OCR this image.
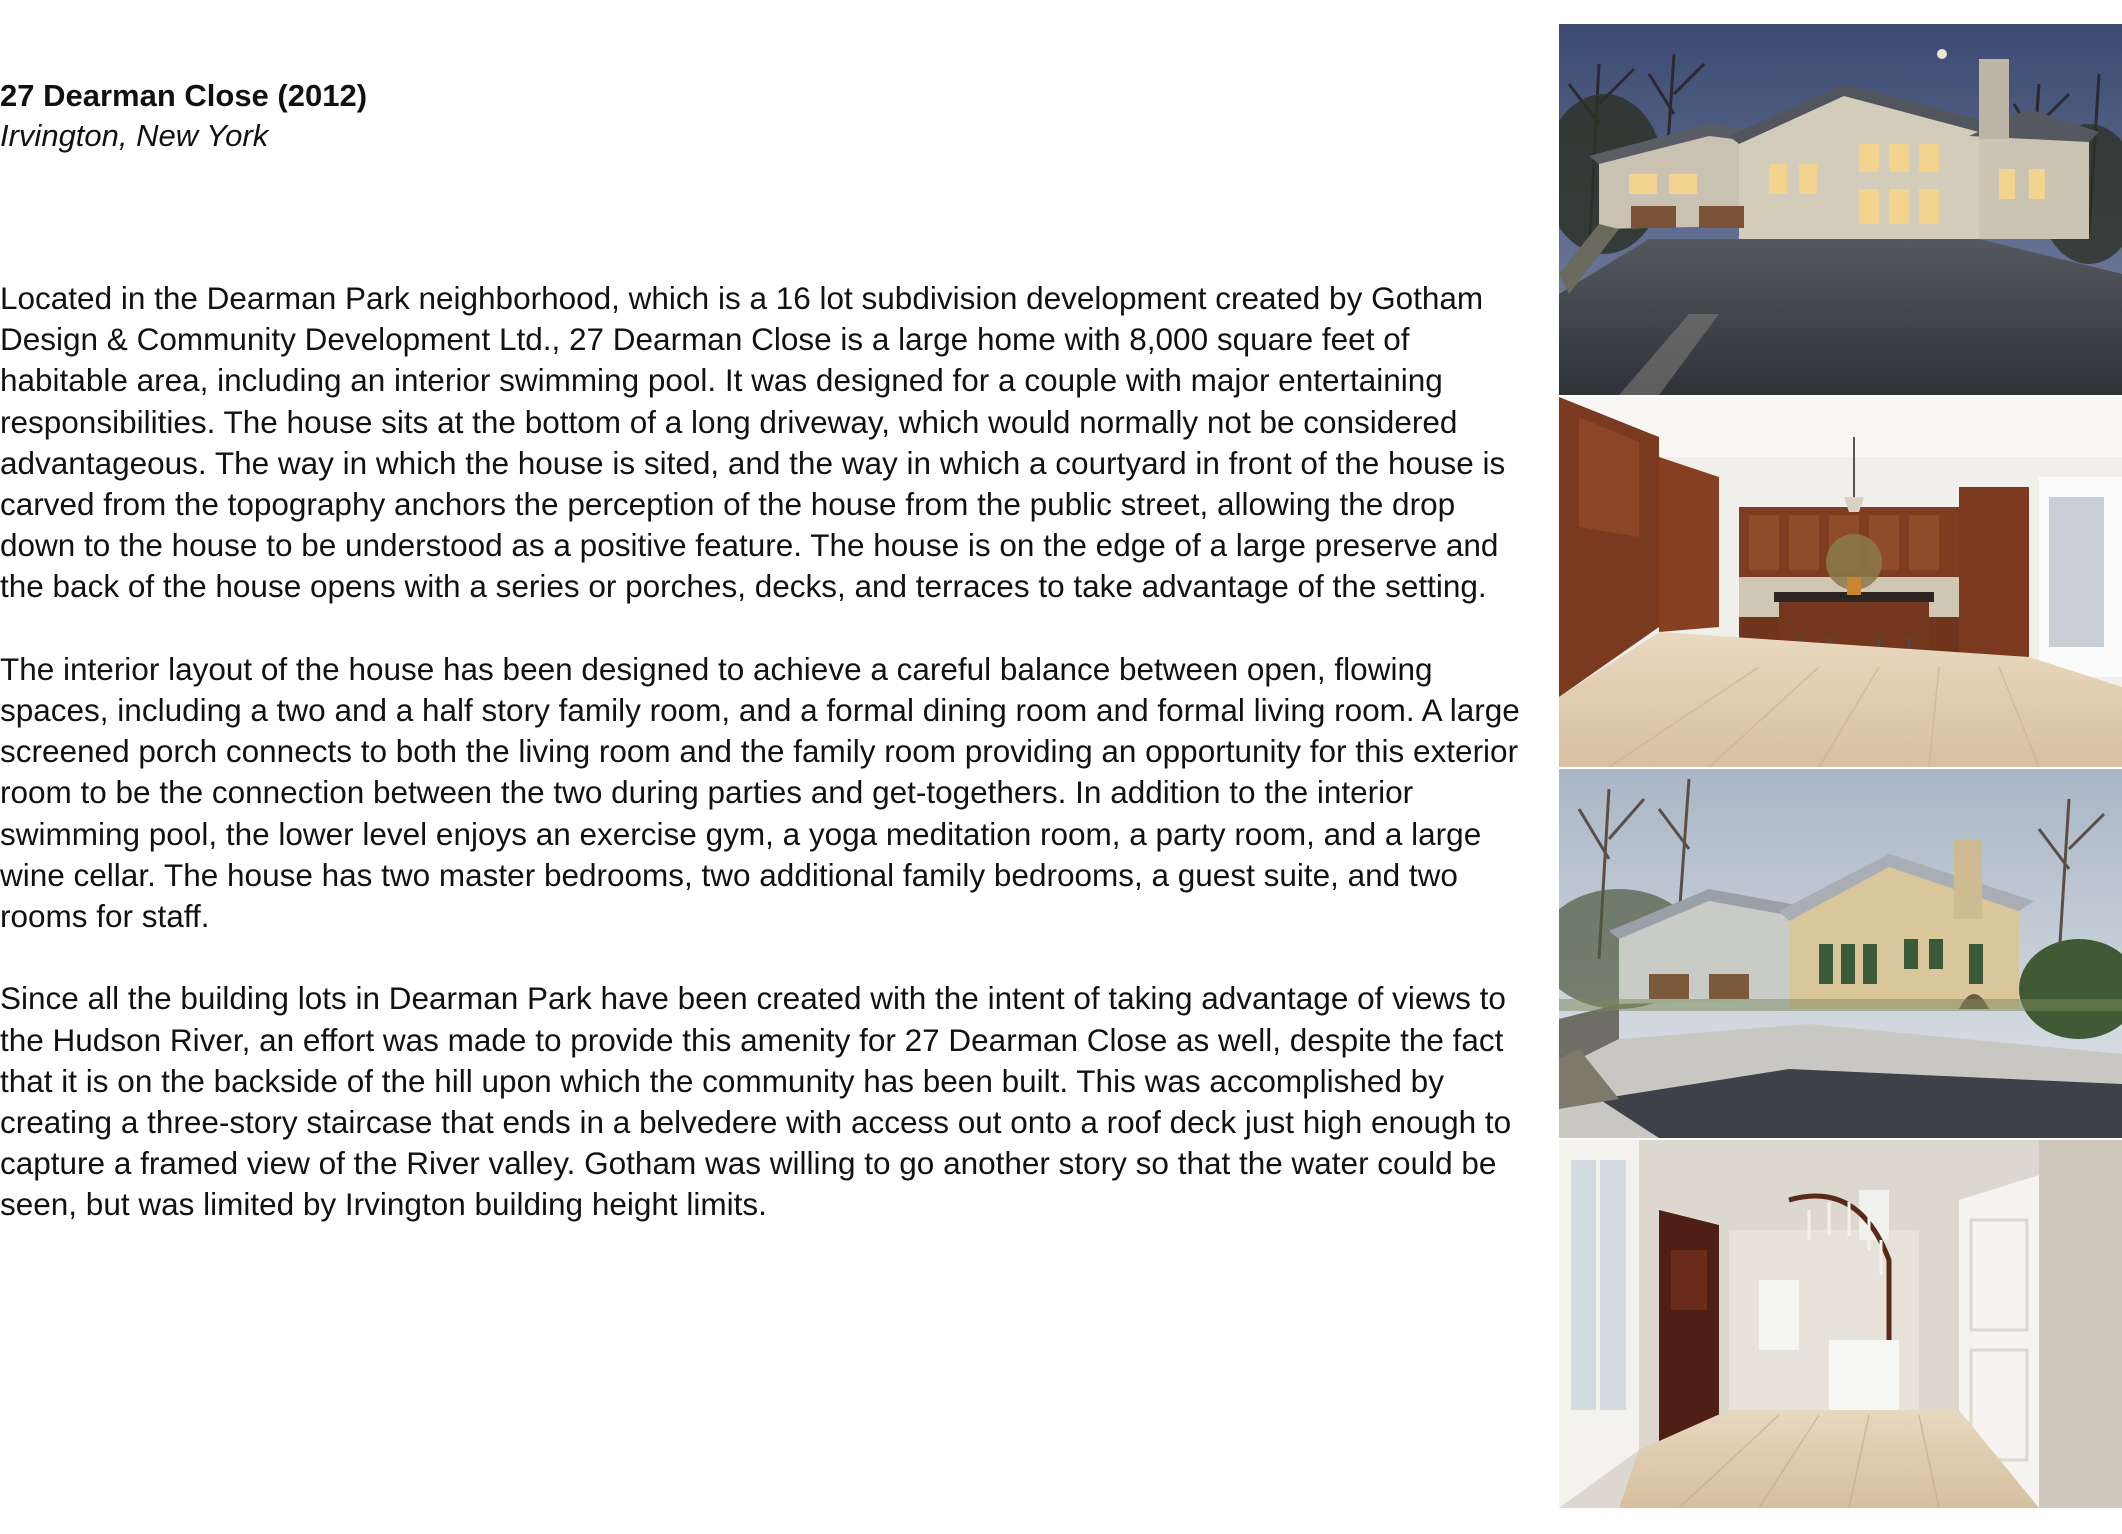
27 Dearman Close (2012)
Irvington, New York

Located in the Dearman Park neighborhood, which is a 16 lot subdivision development created by Gotham Design & Community Development Ltd., 27 Dearman Close is a large home with 8,000 square feet of habitable area, including an interior swimming pool. It was designed for a couple with major entertaining responsibilities. The house sits at the bottom of a long driveway, which would normally not be considered advantageous. The way in which the house is sited, and the way in which a courtyard in front of the house is carved from the topography anchors the perception of the house from the public street, allowing the drop down to the house to be understood as a positive feature. The house is on the edge of a large preserve and the back of the house opens with a series or porches, decks, and terraces to take advantage of the setting.

The interior layout of the house has been designed to achieve a careful balance between open, flowing spaces, including a two and a half story family room, and a formal dining room and formal living room. A large screened porch connects to both the living room and the family room providing an opportunity for this exterior room to be the connection between the two during parties and get-togethers. In addition to the interior swimming pool, the lower level enjoys an exercise gym, a yoga meditation room, a party room, and a large wine cellar. The house has two master bedrooms, two additional family bedrooms, a guest suite, and two rooms for staff.

Since all the building lots in Dearman Park have been created with the intent of taking advantage of views to the Hudson River, an effort was made to provide this amenity for 27 Dearman Close as well, despite the fact that it is on the backside of the hill upon which the community has been built. This was accomplished by creating a three-story staircase that ends in a belvedere with access out onto a roof deck just high enough to capture a framed view of the River valley. Gotham was willing to go another story so that the water could be seen, but was limited by Irvington building height limits.
